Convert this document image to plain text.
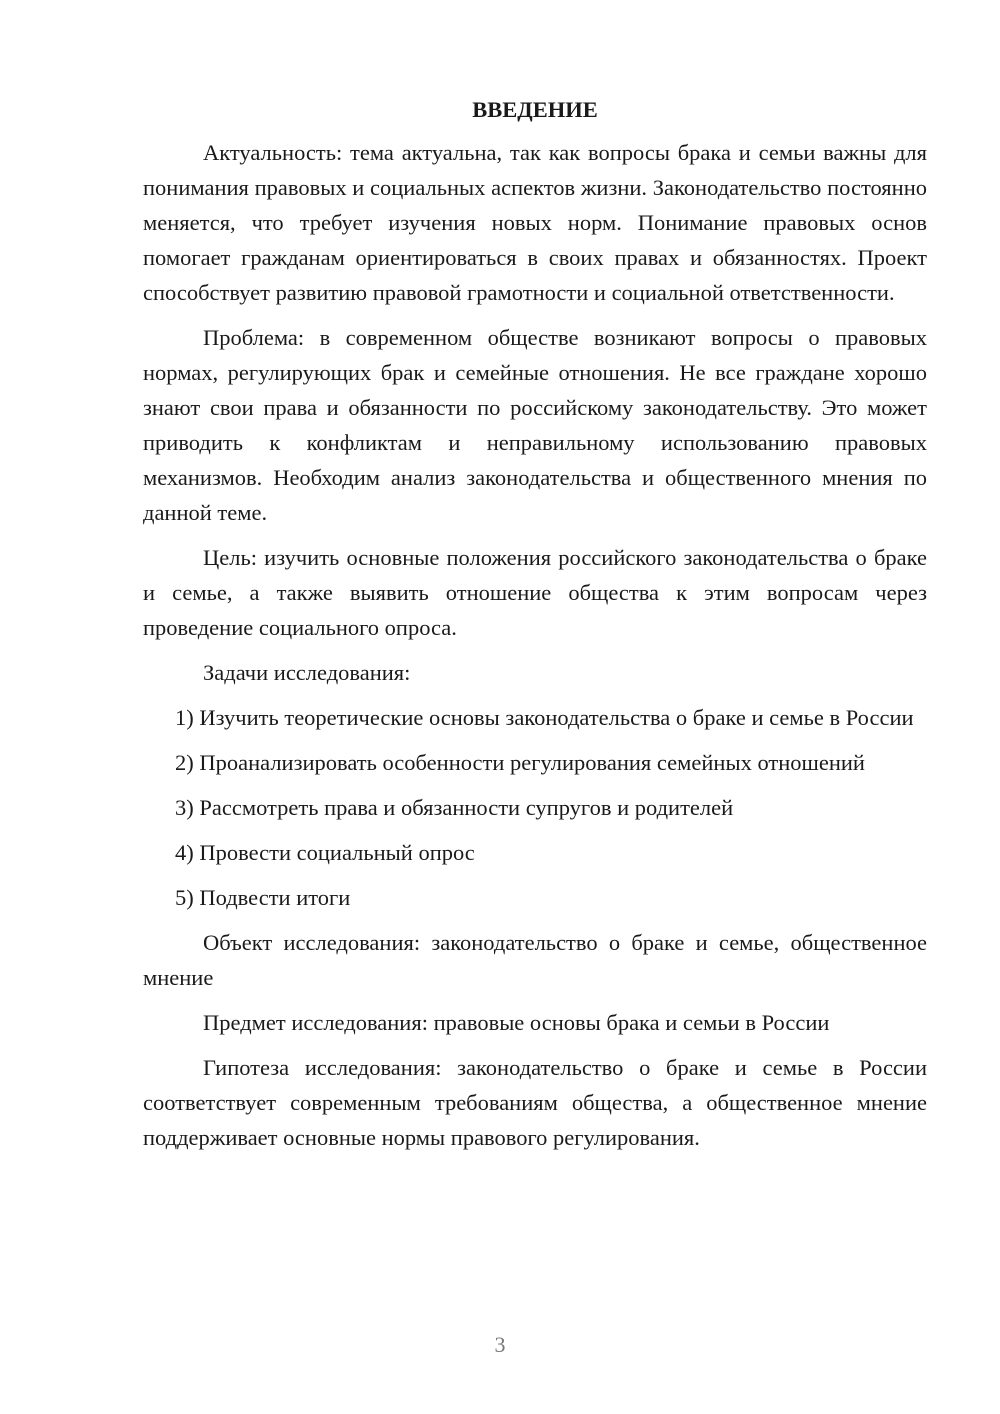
ВВЕДЕНИЕ

Актуальность: тема актуальна, так как вопросы брака и семьи важны для понимания правовых и социальных аспектов жизни. Законодательство постоянно меняется, что требует изучения новых норм. Понимание правовых основ помогает гражданам ориентироваться в своих правах и обязанностях. Проект способствует развитию правовой грамотности и социальной ответственности.

Проблема: в современном обществе возникают вопросы о правовых нормах, регулирующих брак и семейные отношения. Не все граждане хорошо знают свои права и обязанности по российскому законодательству. Это может приводить к конфликтам и неправильному использованию правовых механизмов. Необходим анализ законодательства и общественного мнения по данной теме.

Цель: изучить основные положения российского законодательства о браке и семье, а также выявить отношение общества к этим вопросам через проведение социального опроса.

Задачи исследования:

1) Изучить теоретические основы законодательства о браке и семье в России

2) Проанализировать особенности регулирования семейных отношений

3) Рассмотреть права и обязанности супругов и родителей

4) Провести социальный опрос

5) Подвести итоги

Объект исследования: законодательство о браке и семье, общественное мнение

Предмет исследования: правовые основы брака и семьи в России

Гипотеза исследования: законодательство о браке и семье в России соответствует современным требованиям общества, а общественное мнение поддерживает основные нормы правового регулирования.

3
